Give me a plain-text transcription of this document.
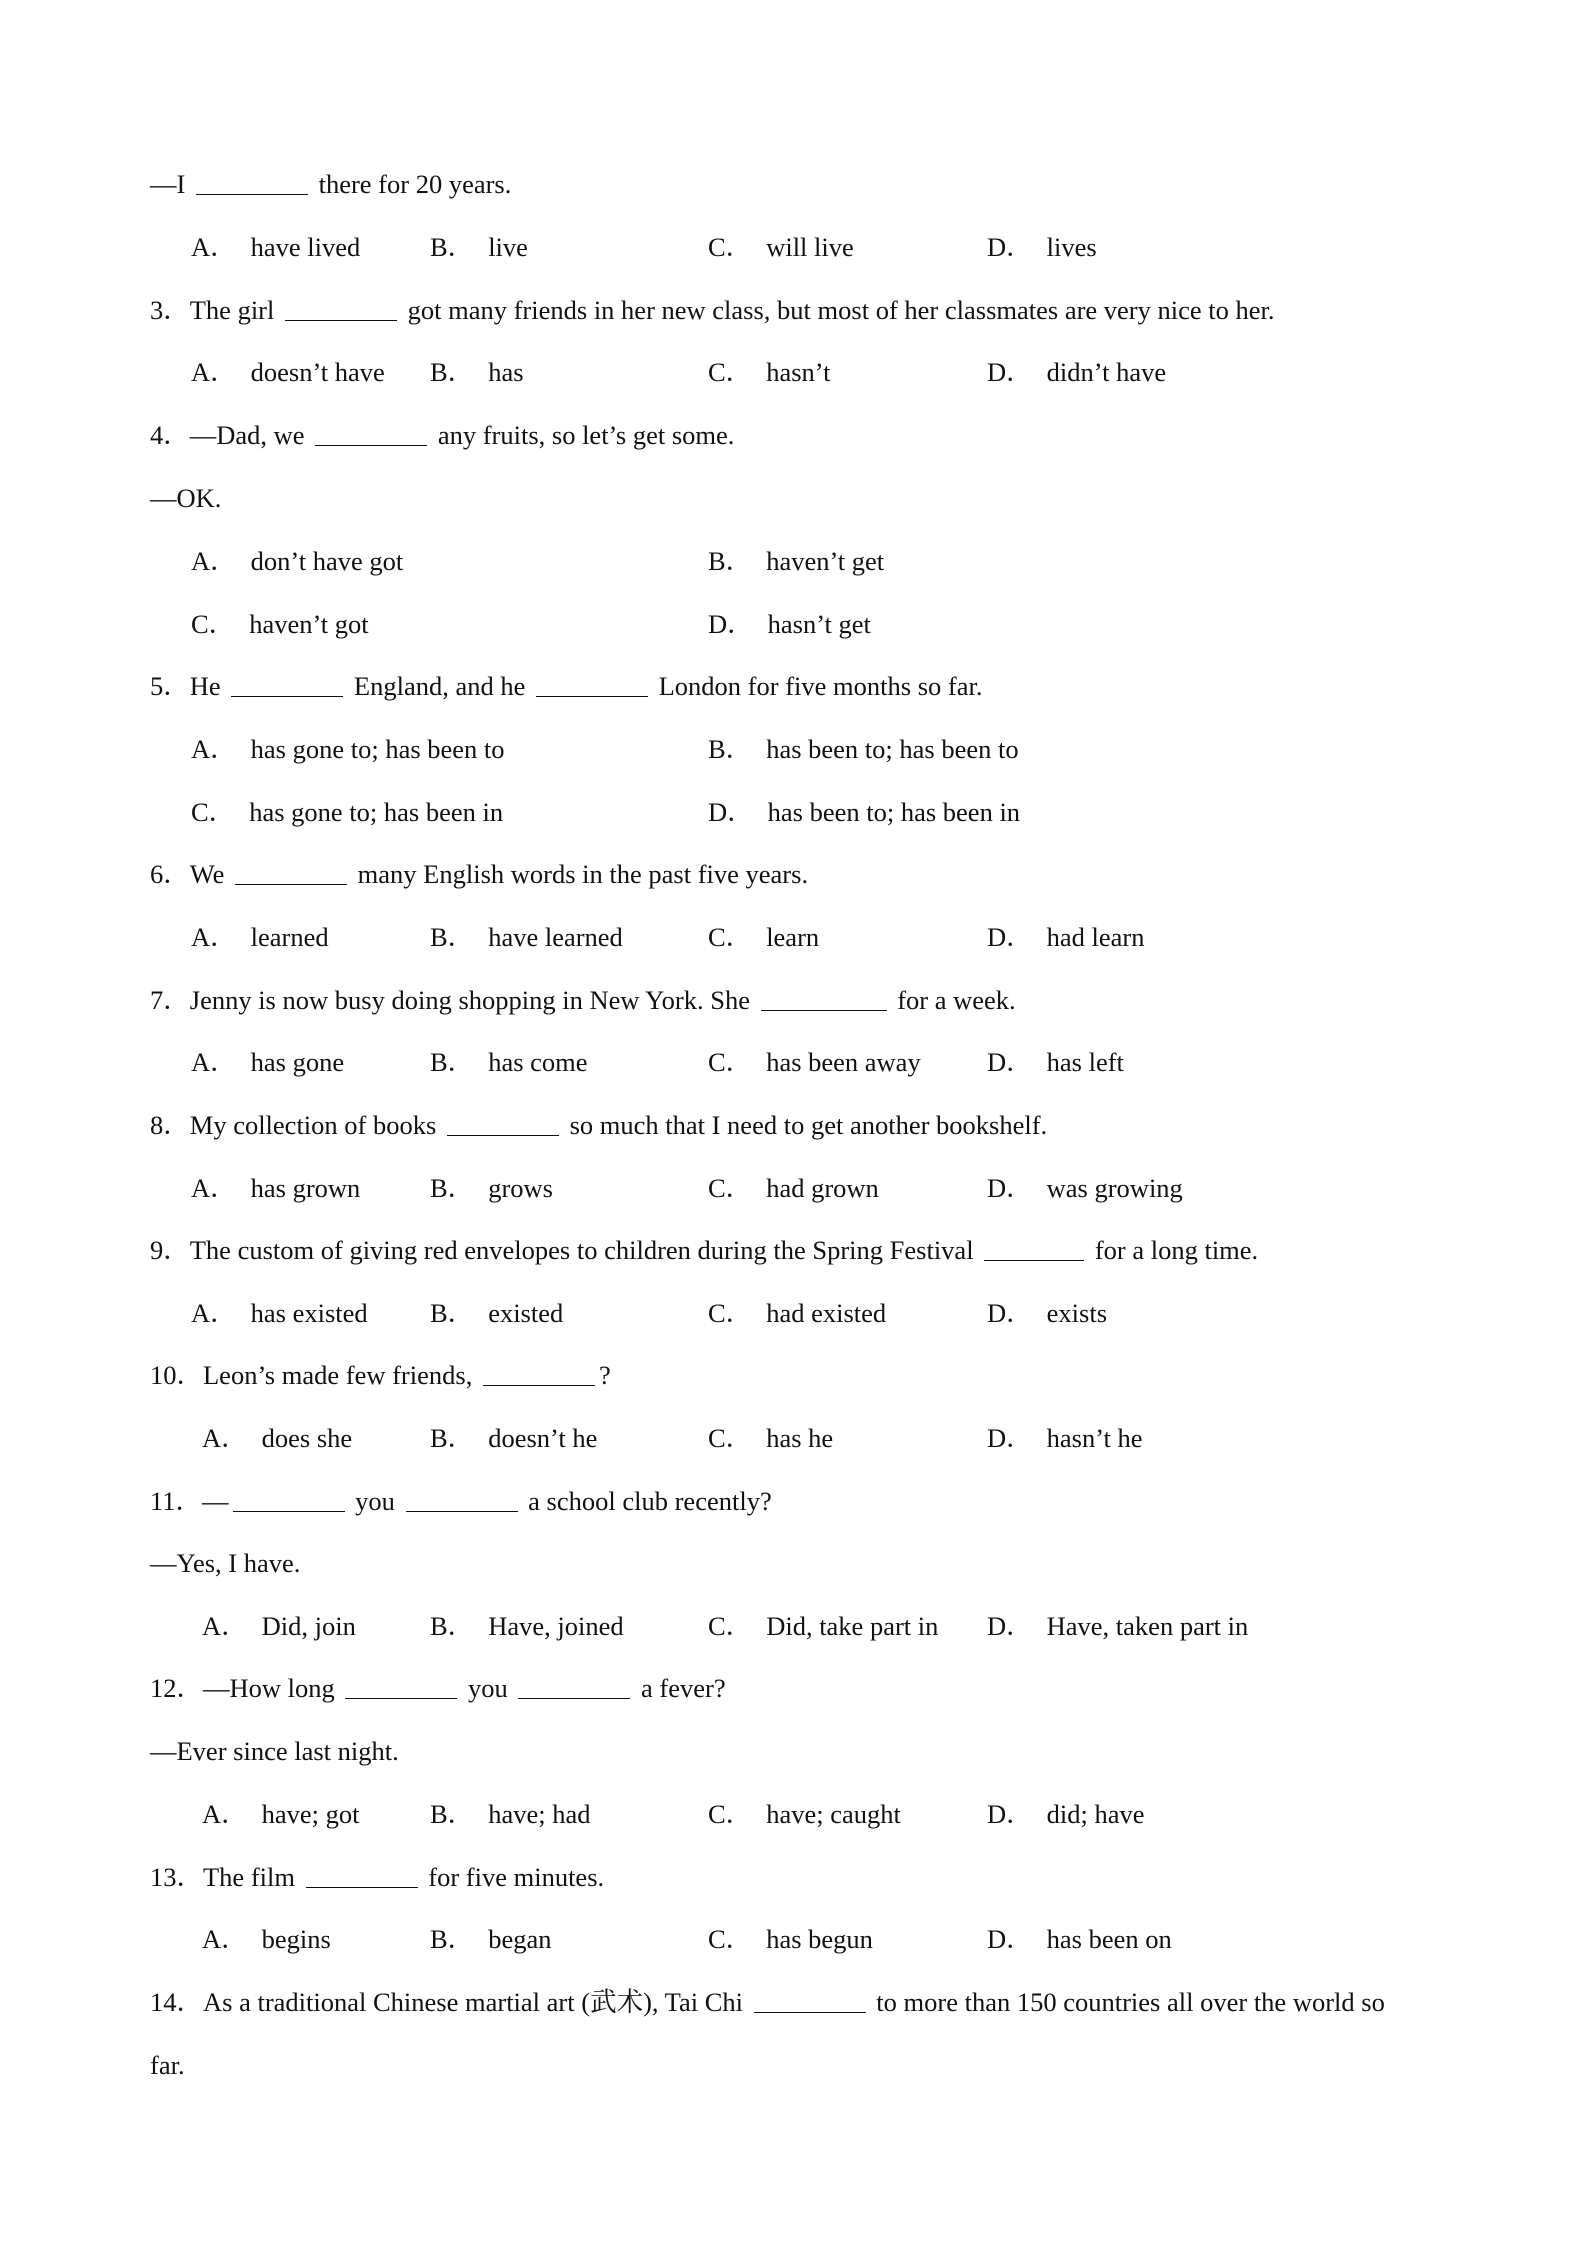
—I	there for 20 years.
3．The girl	got many friends in her new class, but most of her classmates are very nice to her.
4．—Dad, we	any fruits, so let’s get some.
—OK.
5．He	England, and he	London for five months so far.
6．We	many English words in the past five years.
7．Jenny is now busy doing shopping in New York. She	for a week.
8．My collection of books	so much that I need to get another bookshelf.
9．The custom of giving red envelopes to children during the Spring Festival	for a long time.
10．Leon’s made few friends,	?
11．—	you	a school club recently?
—Yes, I have.
12．—How long	you	a fever?
—Ever since last night.
13．The film	for five minutes.
14．As a traditional Chinese martial art (武术), Tai Chi	to more than 150 countries all over the world so
far.
A． have lived	B． live	C． will live	D． lives
A． doesn’t have B． has	C． hasn’t	D． didn’t have
A． don’t have got	B． haven’t get
C． haven’t got	D． hasn’t get
A． has gone to; has been to	B． has been to; has been to
C． has gone to; has been in	D． has been to; has been in
A． learned	B． have learned	C． learn	D． had learn
A． has gone	B． has come	C． has been away	D． has left
A． has grown	B． grows	C． had grown	D． was growing
A． has existed B． existed	C． had existed	D． exists
A． does she	B． doesn’t he	C． has he	D． hasn’t he
A． Did, join	B． Have, joined	C． Did, take part in D． Have, taken part in
A． have; got	B． have; had	C． have; caught	D． did; have
A． begins	B． began	C． has begun	D． has been on
